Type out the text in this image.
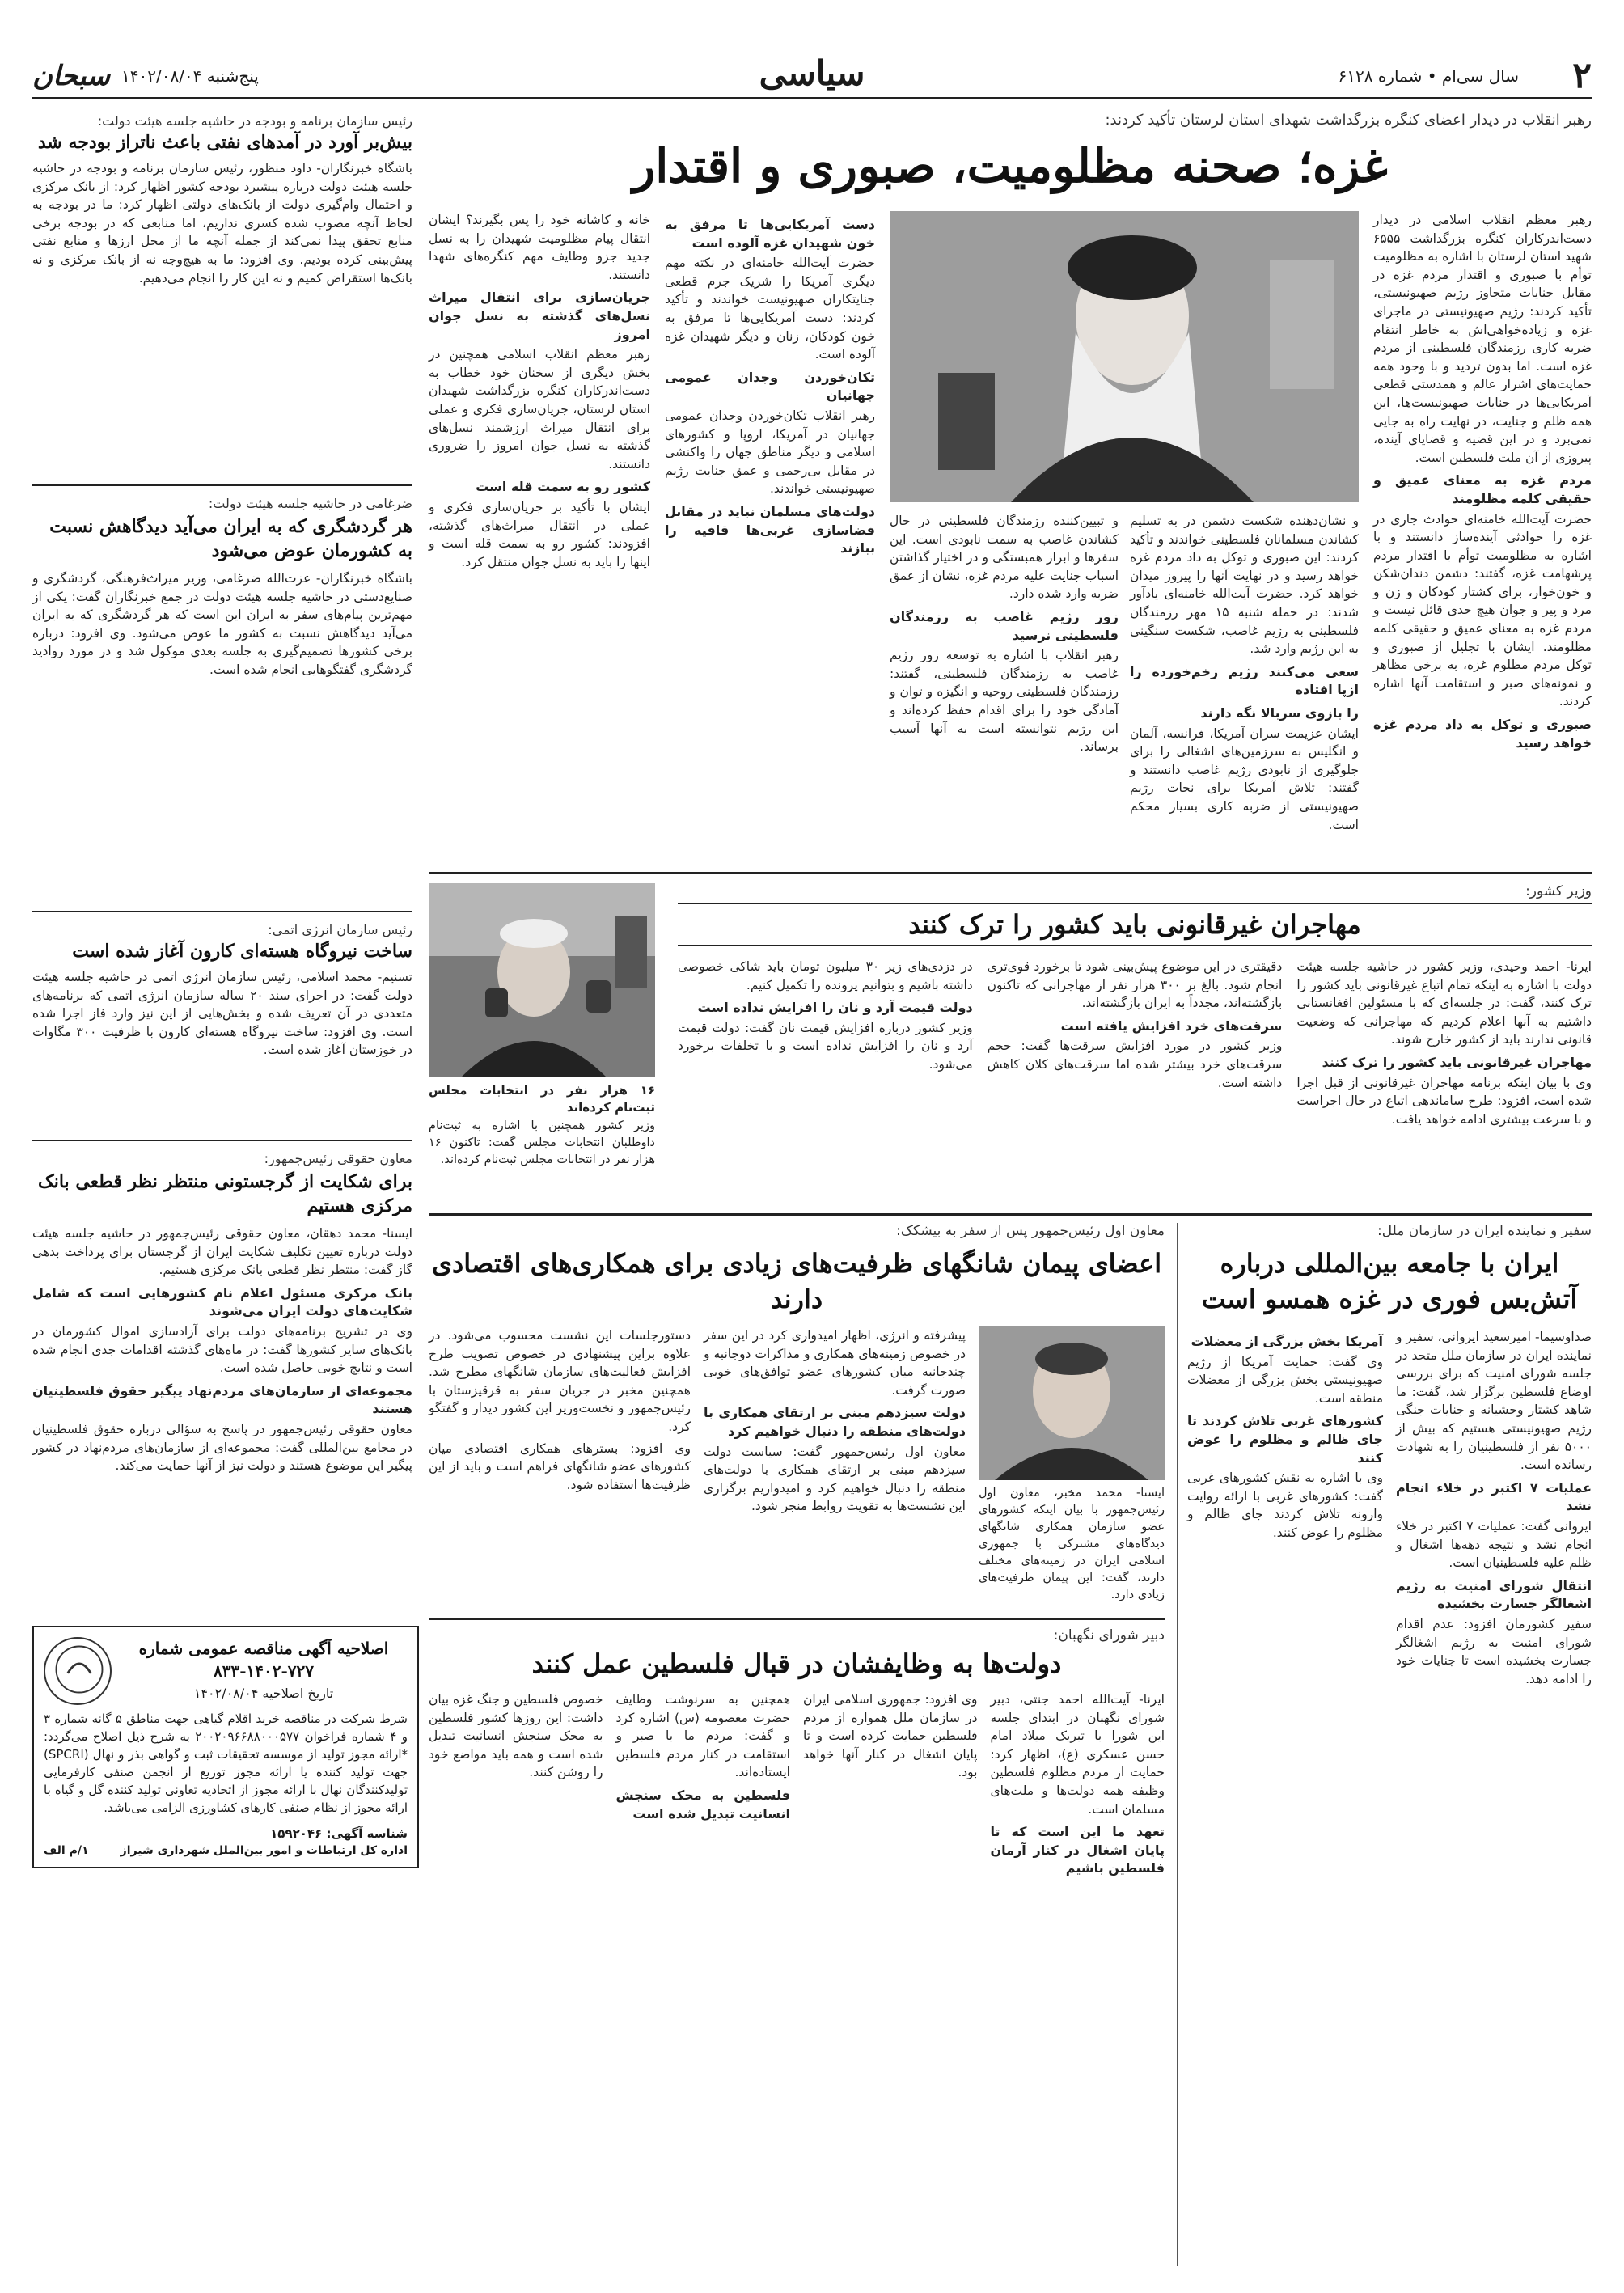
۲
سال سی‌ام • شماره ۶۱۲۸
سیاسی
پنج‌شنبه ۱۴۰۲/۰۸/۰۴
سبحان
رئیس سازمان برنامه و بودجه در حاشیه جلسه هیئت دولت:
بیش‌بر آورد در آمدهای نفتی باعث ناتراز بودجه شد
باشگاه خبرنگاران- داود منظور، رئیس سازمان برنامه و بودجه در حاشیه جلسه هیئت دولت درباره پیشبرد بودجه کشور اظهار کرد: از بانک مرکزی و احتمال وام‌گیری دولت از بانک‌های دولتی اظهار کرد: ما در بودجه به لحاظ آنچه مصوب شده کسری نداریم، اما منابعی که در بودجه برخی منابع تحقق پیدا نمی‌کند از جمله آنچه ما از محل ارزها و منابع نفتی پیش‌بینی کرده بودیم. وی افزود: ما به هیچ‌وجه نه از بانک مرکزی و نه بانک‌ها استقراض کمیم و نه این کار را انجام می‌دهیم.
ضرغامی در حاشیه جلسه هیئت دولت:
هر گردشگری که به ایران می‌آید دیدگاهش نسبت به کشورمان عوض می‌شود
باشگاه خبرنگاران- عزت‌الله ضرغامی، وزیر میراث‌فرهنگی، گردشگری و صنایع‌دستی در حاشیه جلسه هیئت دولت در جمع خبرنگاران گفت: یکی از مهم‌ترین پیام‌های سفر به ایران این است که هر گردشگری که به ایران می‌آید دیدگاهش نسبت به کشور ما عوض می‌شود. وی افزود: درباره برخی کشورها تصمیم‌گیری به جلسه بعدی موکول شد و در مورد روادید گردشگری گفتگوهایی انجام شده است.
رئیس سازمان انرژی اتمی:
ساخت نیروگاه هسته‌ای کارون آغاز شده است
تسنیم- محمد اسلامی، رئیس سازمان انرژی اتمی در حاشیه جلسه هیئت دولت گفت: در اجرای سند ۲۰ ساله سازمان انرژی اتمی که برنامه‌های متعددی در آن تعریف شده و بخش‌هایی از این نیز وارد فاز اجرا شده است. وی افزود: ساخت نیروگاه هسته‌ای کارون با ظرفیت ۳۰۰ مگاوات در خوزستان آغاز شده است.
معاون حقوقی رئیس‌جمهور:
برای شکایت از گرجستونی منتظر نظر قطعی بانک مرکزی هستیم

ایسنا- محمد دهقان، معاون حقوقی رئیس‌جمهور در حاشیه جلسه هیئت دولت درباره تعیین تکلیف شکایت ایران از گرجستان برای پرداخت بدهی گاز گفت: منتظر نظر قطعی بانک مرکزی هستیم.

بانک مرکزی مسئول اعلام نام کشورهایی است که شامل شکایت‌های دولت ایران می‌شوند

وی در تشریح برنامه‌های دولت برای آزادسازی اموال کشورمان در بانک‌های سایر کشورها گفت: در ماه‌های گذشته اقدامات جدی انجام شده است و نتایج خوبی حاصل شده است.

مجموعه‌ای از سازمان‌های مردم‌نهاد پیگیر حقوق فلسطینیان هستند

معاون حقوقی رئیس‌جمهور در پاسخ به سؤالی درباره حقوق فلسطینیان در مجامع بین‌المللی گفت: مجموعه‌ای از سازمان‌های مردم‌نهاد در کشور پیگیر این موضوع هستند و دولت نیز از آنها حمایت می‌کند.

رهبر انقلاب در دیدار اعضای کنگره بزرگداشت شهدای استان لرستان تأکید کردند:
غزه؛ صحنه مظلومیت، صبوری و اقتدار

رهبر معظم انقلاب اسلامی در دیدار دست‌اندرکاران کنگره بزرگداشت ۶۵۵۵ شهید استان لرستان با اشاره به مظلومیت توأم با صبوری و اقتدار مردم غزه در مقابل جنایات متجاوز رژیم صهیونیستی، تأکید کردند: رژیم صهیونیستی در ماجرای غزه و زیاده‌خواهی‌اش به خاطر انتقام ضربه کاری رزمندگان فلسطینی از مردم غزه است. اما بدون تردید و با وجود همه حمایت‌های اشرار عالم و همدستی قطعی آمریکایی‌ها در جنایات صهیونیست‌ها، این همه ظلم و جنایت، در نهایت راه به جایی نمی‌برد و در این قضیه و قضایای آینده، پیروزی از آن ملت فلسطین است.

مردم غزه به معنای عمیق و حقیقی کلمه مظلومند

حضرت آیت‌الله خامنه‌ای حوادث جاری در غزه را حوادثی آینده‌ساز دانستند و با اشاره به مظلومیت توأم با اقتدار مردم پرشهامت غزه، گفتند: دشمن دندان‌شکن و خون‌خوار، برای کشتار کودکان و زن و مرد و پیر و جوان هیچ حدی قائل نیست و مردم غزه به معنای عمیق و حقیقی کلمه مظلومند. ایشان با تجلیل از صبوری و توکل مردم مظلوم غزه، به برخی مظاهر و نمونه‌های صبر و استقامت آنها اشاره کردند.

صبوری و توکل به داد مردم غزه خواهد رسید

و نشان‌دهنده شکست دشمن در به تسلیم کشاندن مسلمانان فلسطینی خواندند و تأکید کردند: این صبوری و توکل به داد مردم غزه خواهد رسید و در نهایت آنها را پیروز میدان خواهد کرد. حضرت آیت‌الله خامنه‌ای یادآور شدند: در حمله شنبه ۱۵ مهر رزمندگان فلسطینی به رژیم غاصب، شکست سنگینی به این رژیم وارد شد.

سعی می‌کنند رژیم زخم‌خورده را ازپا افتاده
را بازوی سربالا نگه دارند

ایشان عزیمت سران آمریکا، فرانسه، آلمان و انگلیس به سرزمین‌های اشغالی را برای جلوگیری از نابودی رژیم غاصب دانستند و گفتند: تلاش آمریکا برای نجات رژیم صهیونیستی از ضربه کاری بسیار محکم است.

و تبیین‌کننده رزمندگان فلسطینی در حال کشاندن غاصب به سمت نابودی است. این سفرها و ابراز همبستگی و در اختیار گذاشتن اسباب جنایت علیه مردم غزه، نشان از عمق ضربه وارد شده دارد.

زور رژیم غاصب به رزمندگان فلسطینی نرسید

رهبر انقلاب با اشاره به توسعه زور رژیم غاصب به رزمندگان فلسطینی، گفتند: رزمندگان فلسطینی روحیه و انگیزه و توان و آمادگی خود را برای اقدام حفظ کرده‌اند و این رژیم نتوانسته است به آنها آسیب برساند.

دست آمریکایی‌ها تا مرفق به خون شهیدان غزه آلوده است

حضرت آیت‌الله خامنه‌ای در نکته مهم دیگری آمریکا را شریک جرم قطعی جنایتکاران صهیونیست خواندند و تأکید کردند: دست آمریکایی‌ها تا مرفق به خون کودکان، زنان و دیگر شهیدان غزه آلوده است.

تکان‌خوردن وجدان عمومی جهانیان

رهبر انقلاب تکان‌خوردن وجدان عمومی جهانیان در آمریکا، اروپا و کشورهای اسلامی و دیگر مناطق جهان را واکنشی در مقابل بی‌رحمی و عمق جنایت رژیم صهیونیستی خواندند.

دولت‌های مسلمان نباید در مقابل فضاسازی غربی‌ها قافیه را ببازند

خانه و کاشانه خود را پس بگیرند؟ ایشان انتقال پیام مظلومیت شهیدان را به نسل جدید جزو وظایف مهم کنگره‌های شهدا دانستند.

جریان‌سازی برای انتقال میراث نسل‌های گذشته به نسل جوان امروز

رهبر معظم انقلاب اسلامی همچنین در بخش دیگری از سخنان خود خطاب به دست‌اندرکاران کنگره بزرگداشت شهیدان استان لرستان، جریان‌سازی فکری و عملی برای انتقال میراث ارزشمند نسل‌های گذشته به نسل جوان امروز را ضروری دانستند.

کشور رو به سمت قله است

ایشان با تأکید بر جریان‌سازی فکری و عملی در انتقال میراث‌های گذشته، افزودند: کشور رو به سمت قله است و اینها را باید به نسل جوان منتقل کرد.

وزیر کشور:
مهاجران غیرقانونی باید کشور را ترک کنند

ایرنا- احمد وحیدی، وزیر کشور در حاشیه جلسه هیئت دولت با اشاره به اینکه تمام اتباع غیرقانونی باید کشور را ترک کنند، گفت: در جلسه‌ای که با مسئولین افغانستانی داشتیم به آنها اعلام کردیم که مهاجرانی که وضعیت قانونی ندارند باید از کشور خارج شوند.

مهاجران غیرقانونی باید کشور را ترک کنند

وی با بیان اینکه برنامه مهاجران غیرقانونی از قبل اجرا شده است، افزود: طرح ساماندهی اتباع در حال اجراست و با سرعت بیشتری ادامه خواهد یافت.

دقیقتری در این موضوع پیش‌بینی شود تا برخورد قوی‌تری انجام شود. بالغ بر ۳۰۰ هزار نفر از مهاجرانی که تاکنون بازگشته‌اند، مجدداً به ایران بازگشته‌اند.

سرقت‌های خرد افزایش یافته است

وزیر کشور در مورد افزایش سرقت‌ها گفت: حجم سرقت‌های خرد بیشتر شده اما سرقت‌های کلان کاهش داشته است.

در دزدی‌های زیر ۳۰ میلیون تومان باید شاکی خصوصی داشته باشیم و بتوانیم پرونده را تکمیل کنیم.

دولت قیمت آرد و نان را افزایش نداده است

وزیر کشور درباره افزایش قیمت نان گفت: دولت قیمت آرد و نان را افزایش نداده است و با تخلفات برخورد می‌شود.

۱۶ هزار نفر در انتخابات مجلس ثبت‌نام کرده‌اند

وزیر کشور همچنین با اشاره به ثبت‌نام داوطلبان انتخابات مجلس گفت: تاکنون ۱۶ هزار نفر در انتخابات مجلس ثبت‌نام کرده‌اند.

سفیر و نماینده ایران در سازمان ملل:
ایران با جامعه بین‌المللی درباره آتش‌بس فوری در غزه همسو است

صداوسیما- امیرسعید ایروانی، سفیر و نماینده ایران در سازمان ملل متحد در جلسه شورای امنیت که برای بررسی اوضاع فلسطین برگزار شد، گفت: ما شاهد کشتار وحشیانه و جنایات جنگی رژیم صهیونیستی هستیم که بیش از ۵۰۰۰ نفر از فلسطینیان را به شهادت رسانده است.

عملیات ۷ اکتبر در خلاء انجام نشد

ایروانی گفت: عملیات ۷ اکتبر در خلاء انجام نشد و نتیجه دهه‌ها اشغال و ظلم علیه فلسطینیان است.

انتقال شورای امنیت به رژیم اشغالگر جسارت بخشیده

سفیر کشورمان افزود: عدم اقدام شورای امنیت به رژیم اشغالگر جسارت بخشیده است تا جنایات خود را ادامه دهد.

آمریکا بخش بزرگی از معضلات

وی گفت: حمایت آمریکا از رژیم صهیونیستی بخش بزرگی از معضلات منطقه است.

کشورهای غربی تلاش کردند تا جای ظالم و مظلوم را عوض کنند

وی با اشاره به نقش کشورهای غربی گفت: کشورهای غربی با ارائه روایت وارونه تلاش کردند جای ظالم و مظلوم را عوض کنند.

معاون اول رئیس‌جمهور پس از سفر به بیشکک:
اعضای پیمان شانگهای ظرفیت‌های زیادی برای همکاری‌های اقتصادی دارند
ایسنا- محمد مخبر، معاون اول رئیس‌جمهور با بیان اینکه کشورهای عضو سازمان همکاری شانگهای دیدگاه‌های مشترکی با جمهوری اسلامی ایران در زمینه‌های مختلف دارند، گفت: این پیمان ظرفیت‌های زیادی دارد.

پیشرفته و انرژی، اظهار امیدواری کرد در این سفر در خصوص زمینه‌های همکاری و مذاکرات دوجانبه و چندجانبه میان کشورهای عضو توافق‌های خوبی صورت گرفت.

دولت سیزدهم مبنی بر ارتقای همکاری با دولت‌های منطقه را دنبال خواهیم کرد

معاون اول رئیس‌جمهور گفت: سیاست دولت سیزدهم مبنی بر ارتقای همکاری با دولت‌های منطقه را دنبال خواهیم کرد و امیدواریم برگزاری این نشست‌ها به تقویت روابط منجر شود.

دستورجلسات این نشست محسوب می‌شود. در علاوه براین پیشنهادی در خصوص تصویب طرح افزایش فعالیت‌های سازمان شانگهای مطرح شد. همچنین مخبر در جریان سفر به قرقیزستان با رئیس‌جمهور و نخست‌وزیر این کشور دیدار و گفتگو کرد.

وی افزود: بسترهای همکاری اقتصادی میان کشورهای عضو شانگهای فراهم است و باید از این ظرفیت‌ها استفاده شود.

اصلاحیه آگهی مناقصه عمومی شماره ۷۲۷-۱۴۰۲-۸۳۳
تاریخ اصلاحیه ۱۴۰۲/۰۸/۰۴
شرط شرکت در مناقصه خرید اقلام گیاهی جهت مناطق ۵ گانه شماره ۳ و ۴ شماره فراخوان ۲۰۰۲۰۹۶۶۸۸۰۰۰۵۷۷ به شرح ذیل اصلاح می‌گردد: *ارائه مجوز تولید از موسسه تحقیقات ثبت و گواهی بذر و نهال (SPCRI) جهت تولید کننده یا ارائه مجوز توزیع از انجمن صنفی کارفرمایی تولیدکنندگان نهال با ارائه مجوز از اتحادیه تعاونی تولید کننده گل و گیاه با ارائه مجوز از نظام صنفی کارهای کشاورزی الزامی می‌باشد.
شناسه آگهی: ۱۵۹۲۰۴۶
اداره کل ارتباطات و امور بین‌الملل شهرداری شیراز
۱/م الف
دبیر شورای نگهبان:
دولت‌ها به وظایفشان در قبال فلسطین عمل کنند

ایرنا- آیت‌الله احمد جنتی، دبیر شورای نگهبان در ابتدای جلسه این شورا با تبریک میلاد امام حسن عسکری (ع)، اظهار کرد: حمایت از مردم مظلوم فلسطین وظیفه همه دولت‌ها و ملت‌های مسلمان است.

تعهد ما این است که تا پایان اشغال در کنار آرمان فلسطین باشیم

وی افزود: جمهوری اسلامی ایران در سازمان ملل همواره از مردم فلسطین حمایت کرده است و تا پایان اشغال در کنار آنها خواهد بود.

همچنین به سرنوشت وظایف حضرت معصومه (س) اشاره کرد و گفت: مردم ما با صبر و استقامت در کنار مردم فلسطین ایستاده‌اند.

فلسطین به محک سنجش انسانیت تبدیل شده است

خصوص فلسطین و جنگ غزه بیان داشت: این روزها کشور فلسطین به محک سنجش انسانیت تبدیل شده است و همه باید مواضع خود را روشن کنند.
